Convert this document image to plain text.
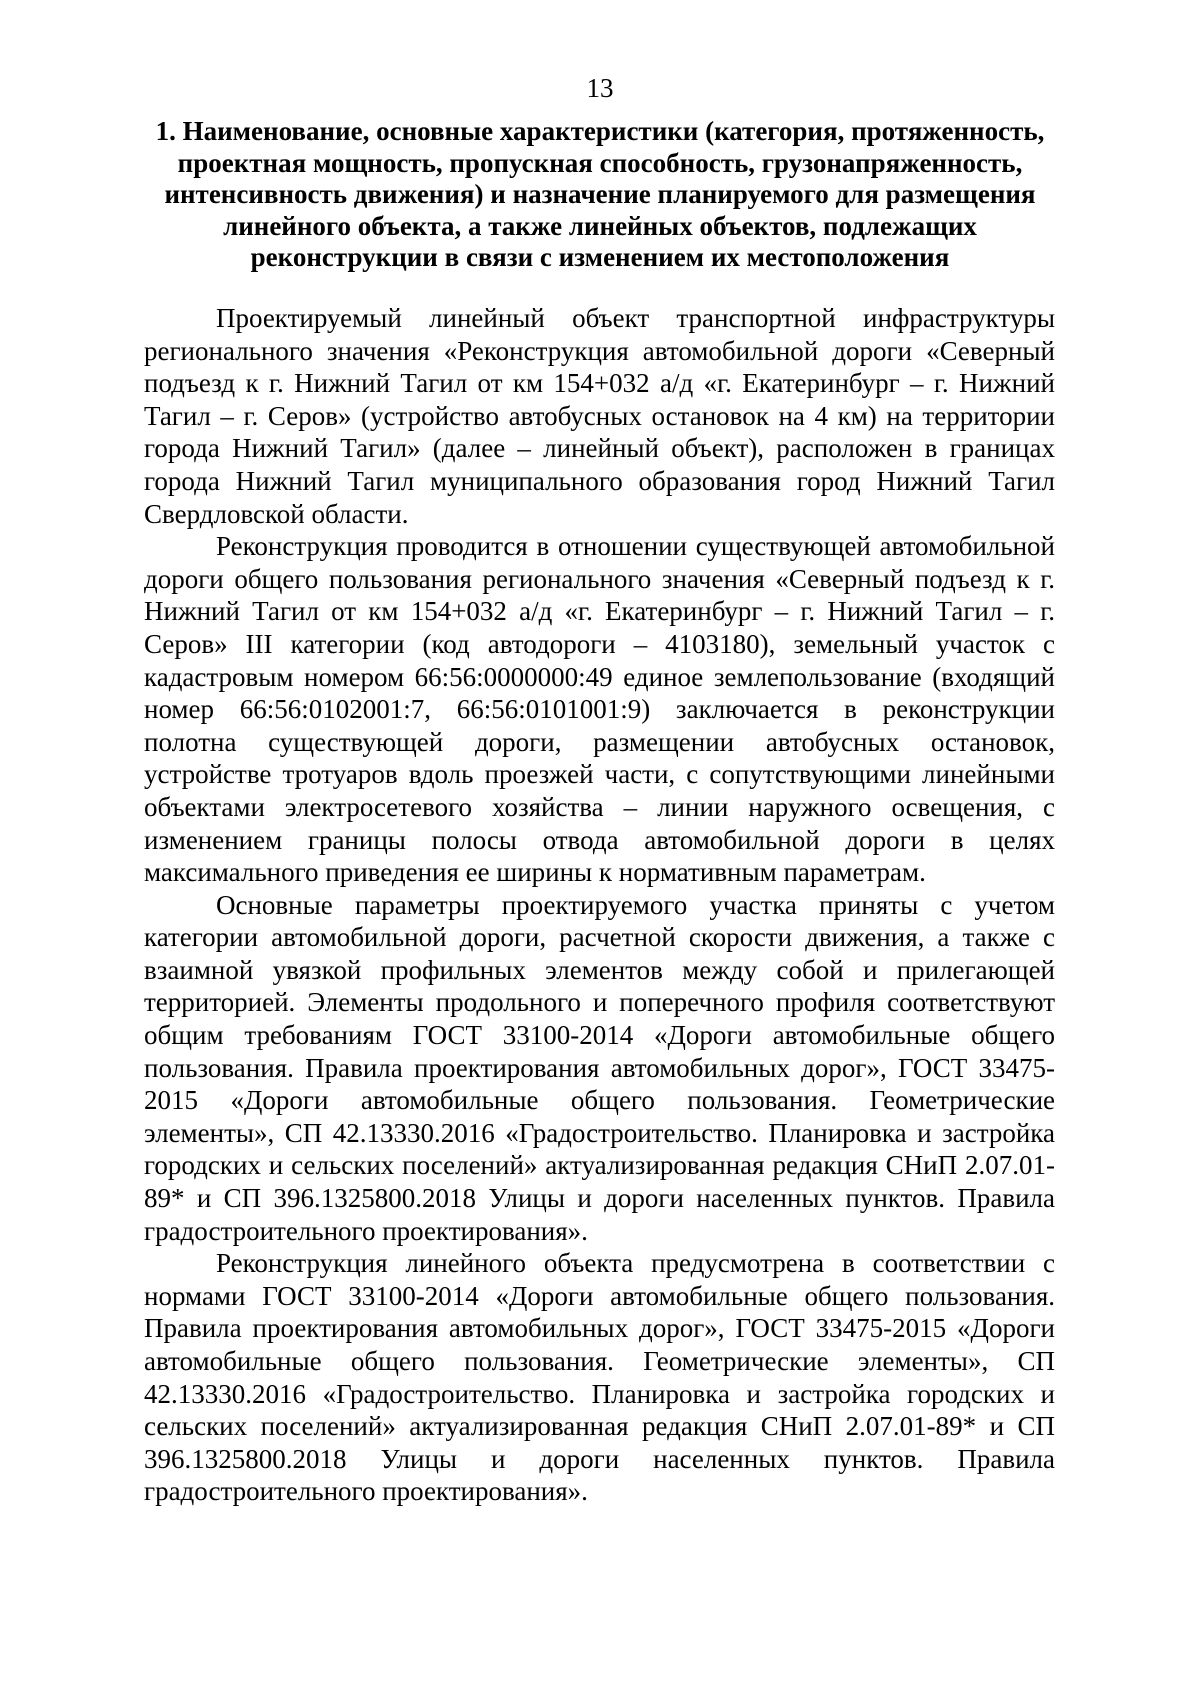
13
1. Наименование, основные характеристики (категория, протяженность, проектная мощность, пропускная способность, грузонапряженность, интенсивность движения) и назначение планируемого для размещения линейного объекта, а также линейных объектов, подлежащих реконструкции в связи с изменением их местоположения

Проектируемый линейный объект транспортной инфраструктуры регионального значения «Реконструкция автомобильной дороги «Северный подъезд к г. Нижний Тагил от км 154+032 а/д «г. Екатеринбург – г. Нижний Тагил – г. Серов» (устройство автобусных остановок на 4 км) на территории города Нижний Тагил» (далее – линейный объект), расположен в границах города Нижний Тагил муниципального образования город Нижний Тагил Свердловской области.

Реконструкция проводится в отношении существующей автомобильной дороги общего пользования регионального значения «Северный подъезд к г. Нижний Тагил от км 154+032 а/д «г. Екатеринбург – г. Нижний Тагил – г. Серов» III категории (код автодороги – 4103180), земельный участок с кадастровым номером 66:56:0000000:49 единое землепользование (входящий номер 66:56:0102001:7, 66:56:0101001:9) заключается в реконструкции полотна существующей дороги, размещении автобусных остановок, устройстве тротуаров вдоль проезжей части, с сопутствующими линейными объектами электросетевого хозяйства – линии наружного освещения, с изменением границы полосы отвода автомобильной дороги в целях максимального приведения ее ширины к нормативным параметрам.

Основные параметры проектируемого участка приняты с учетом категории автомобильной дороги, расчетной скорости движения, а также с взаимной увязкой профильных элементов между собой и прилегающей территорией. Элементы продольного и поперечного профиля соответствуют общим требованиям ГОСТ 33100-2014 «Дороги автомобильные общего пользования. Правила проектирования автомобильных дорог», ГОСТ 33475-2015 «Дороги автомобильные общего пользования. Геометрические элементы», СП 42.13330.2016 «Градостроительство. Планировка и застройка городских и сельских поселений» актуализированная редакция СНиП 2.07.01-89* и СП 396.1325800.2018 Улицы и дороги населенных пунктов. Правила градостроительного проектирования».

Реконструкция линейного объекта предусмотрена в соответствии с нормами ГОСТ 33100-2014 «Дороги автомобильные общего пользования. Правила проектирования автомобильных дорог», ГОСТ 33475-2015 «Дороги автомобильные общего пользования. Геометрические элементы», СП 42.13330.2016 «Градостроительство. Планировка и застройка городских и сельских поселений» актуализированная редакция СНиП 2.07.01-89* и СП 396.1325800.2018 Улицы и дороги населенных пунктов. Правила градостроительного проектирования».
